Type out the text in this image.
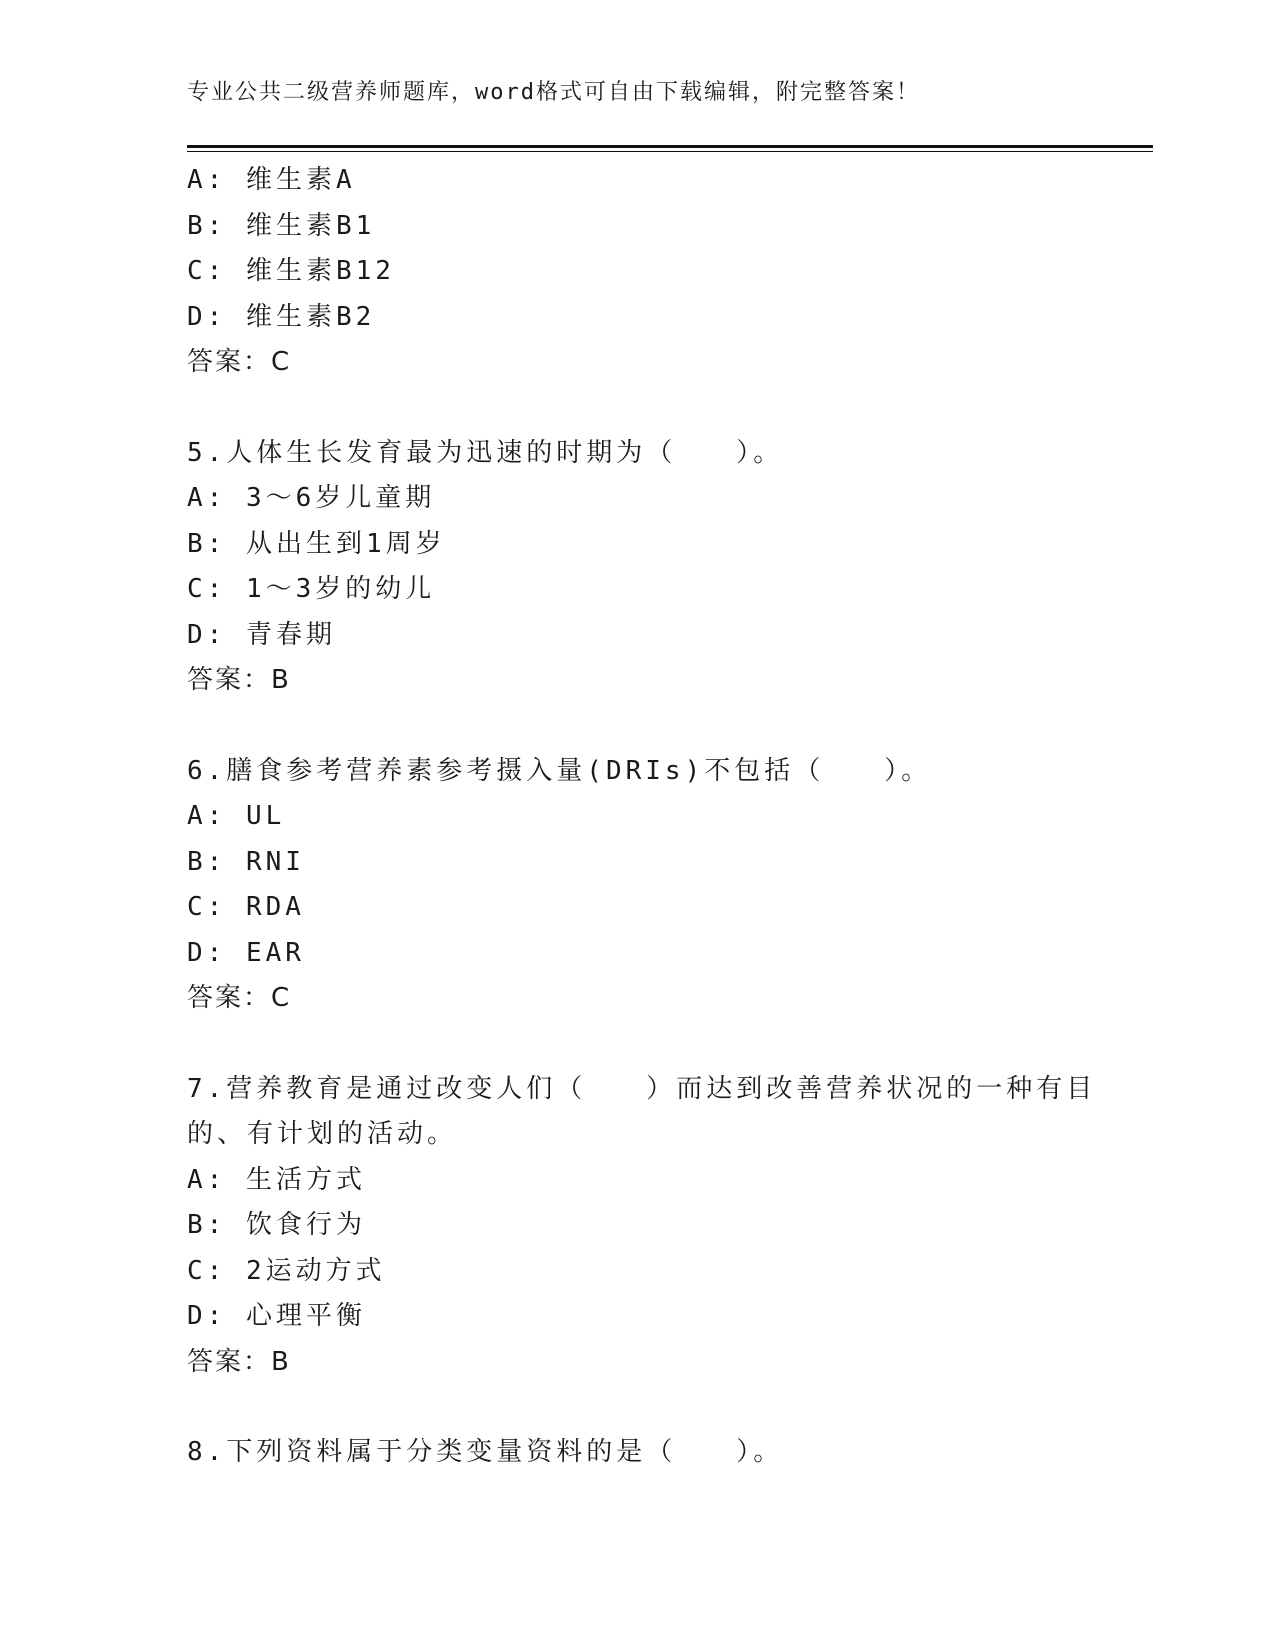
专业公共二级营养师题库，word格式可自由下载编辑，附完整答案！
A: 维生素A
B: 维生素B1
C: 维生素B12
D: 维生素B2
答案：C
5.人体生长发育最为迅速的时期为（　　）。
A: 3～6岁儿童期
B: 从出生到1周岁
C: 1～3岁的幼儿
D: 青春期
答案：B
6.膳食参考营养素参考摄入量(DRIs)不包括（　　）。
A: UL
B: RNI
C: RDA
D: EAR
答案：C
7.营养教育是通过改变人们（　　）而达到改善营养状况的一种有目
的、有计划的活动。
A: 生活方式
B: 饮食行为
C: 2运动方式
D: 心理平衡
答案：B
8.下列资料属于分类变量资料的是（　　）。
